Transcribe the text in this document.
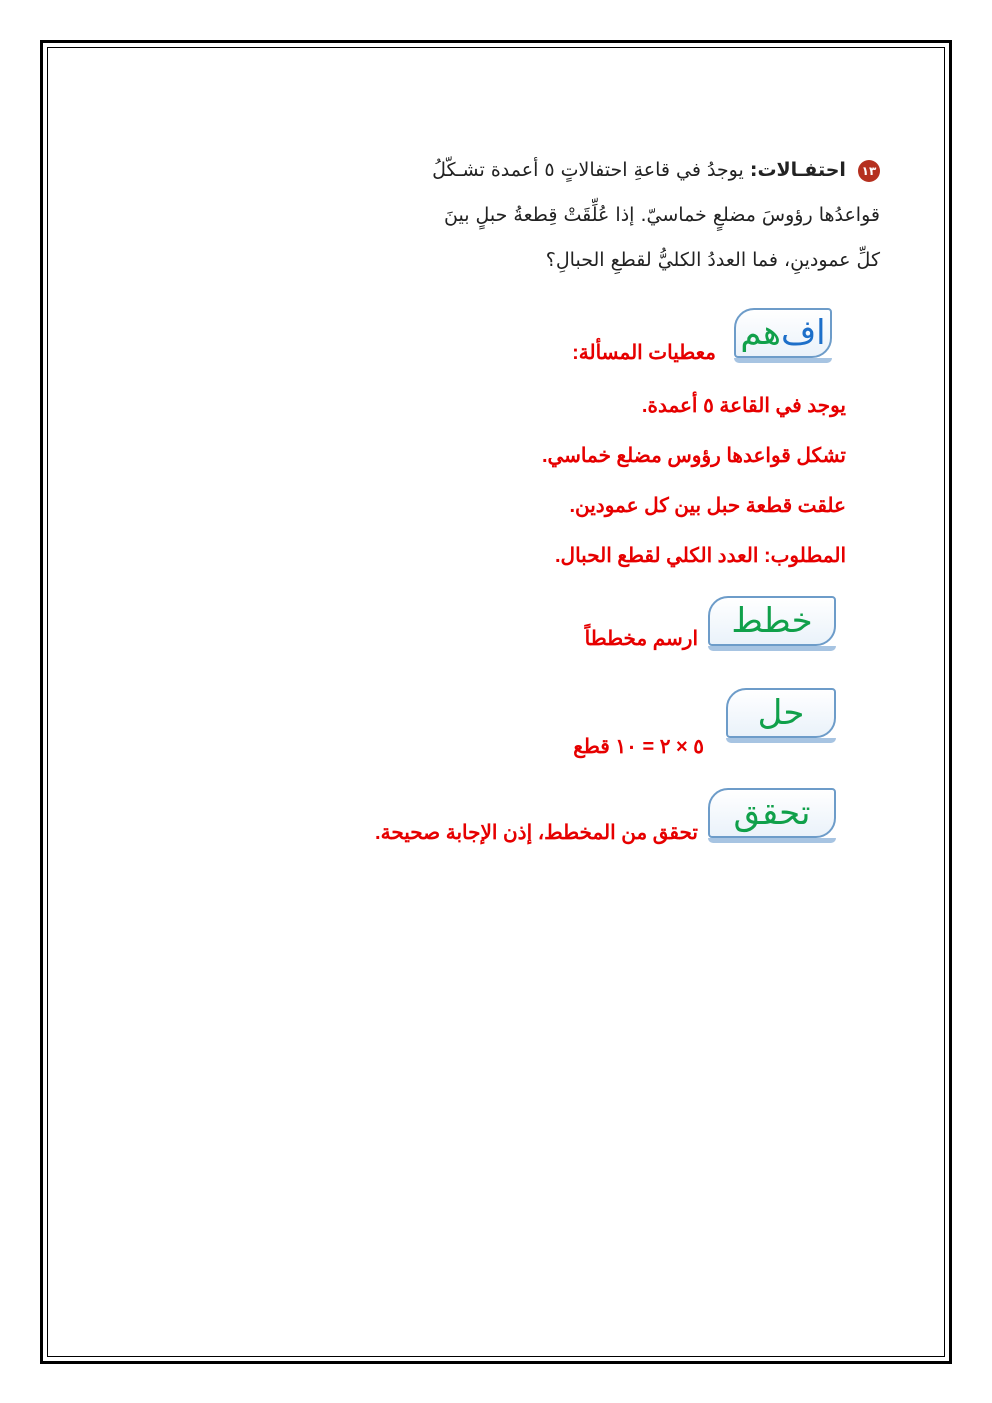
١٣ احتفـالات: يوجدُ في قاعةِ احتفالاتٍ ٥ أعمدة تشـكّلُ
قواعدُها رؤوسَ مضلعٍ خماسيّ. إذا عُلِّقَتْ قِطعةُ حبلٍ بينَ
كلِّ عمودينِ، فما العددُ الكليُّ لقطعِ الحبالِ؟
اف
هم
معطيات المسألة:
يوجد في القاعة ٥ أعمدة.
تشكل قواعدها رؤوس مضلع خماسي.
علقت قطعة حبل بين كل عمودين.
المطلوب: العدد الكلي لقطع الحبال.
خطط
ارسم مخططاً
حل
٥ × ٢ = ١٠ قطع
تحقق
تحقق من المخطط، إذن الإجابة صحيحة.
